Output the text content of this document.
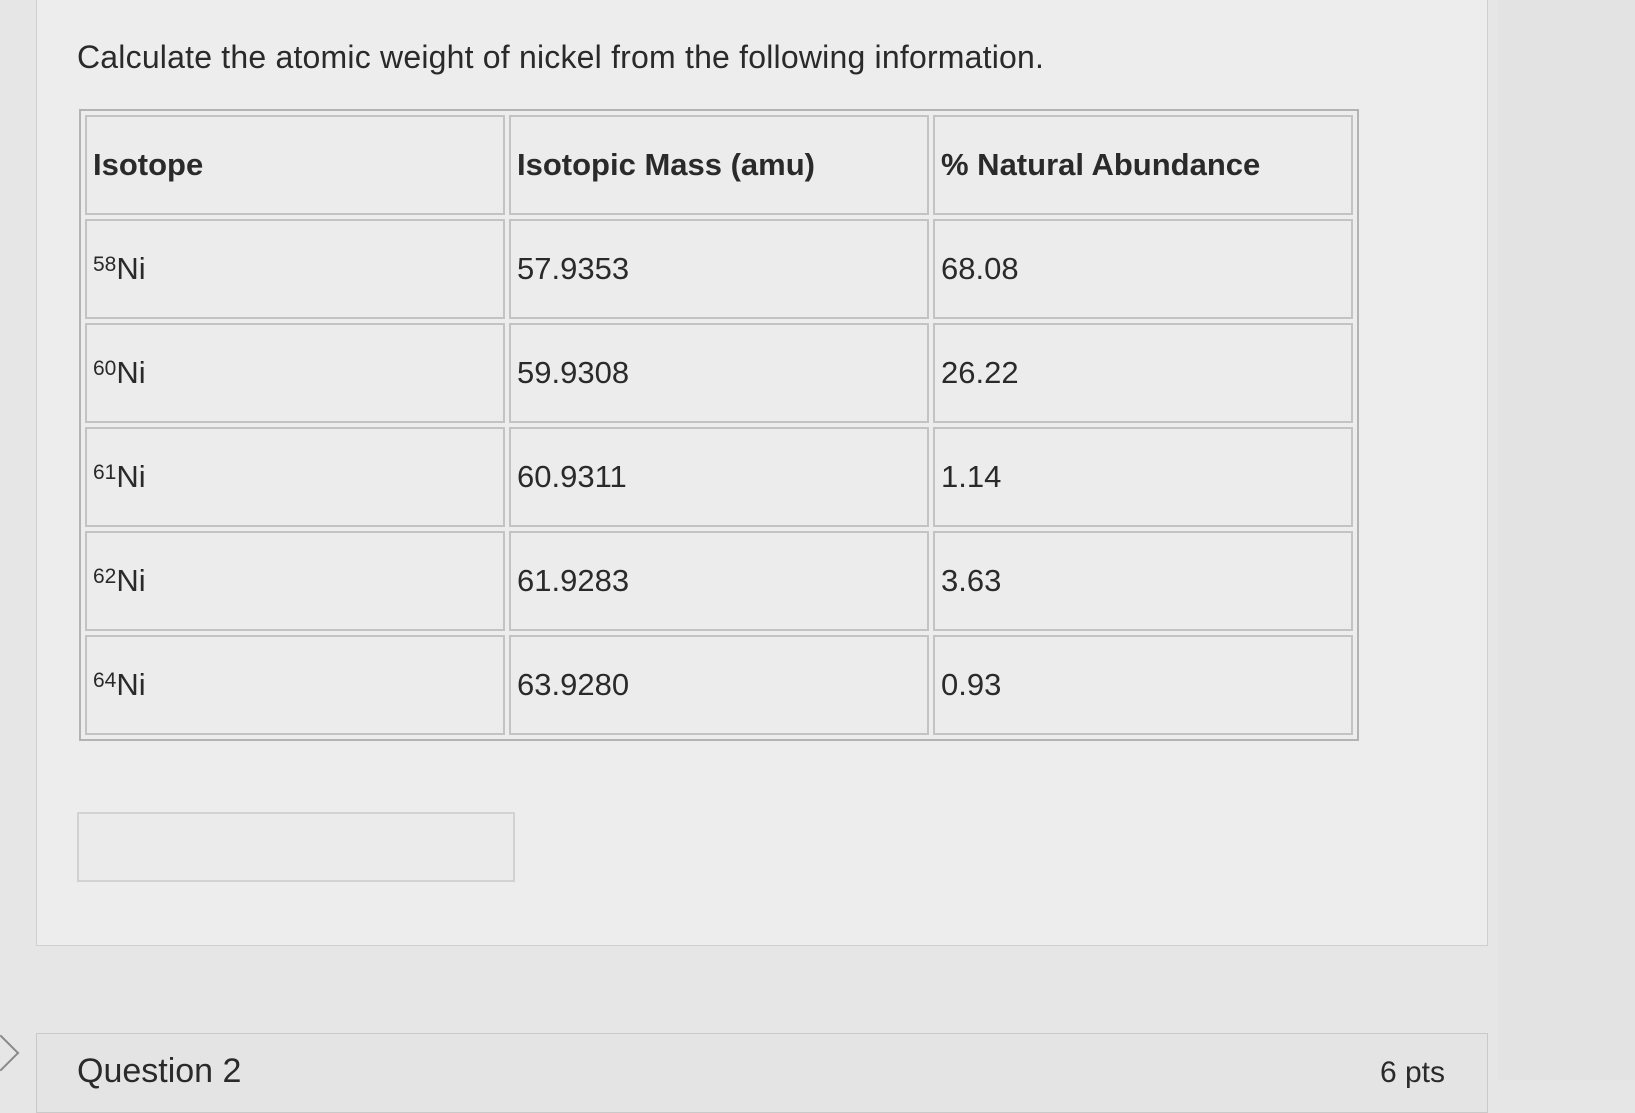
Calculate the atomic weight of nickel from the following information.
Isotope	Isotopic Mass (amu)	% Natural Abundance
$^{58}$Ni	57.9353	68.08
$^{60}$Ni	59.9308	26.22
$^{61}$Ni	60.9311	1.14
$^{62}$Ni	61.9283	3.63
$^{64}$Ni	63.9280	0.93
Question 2	6 pts
